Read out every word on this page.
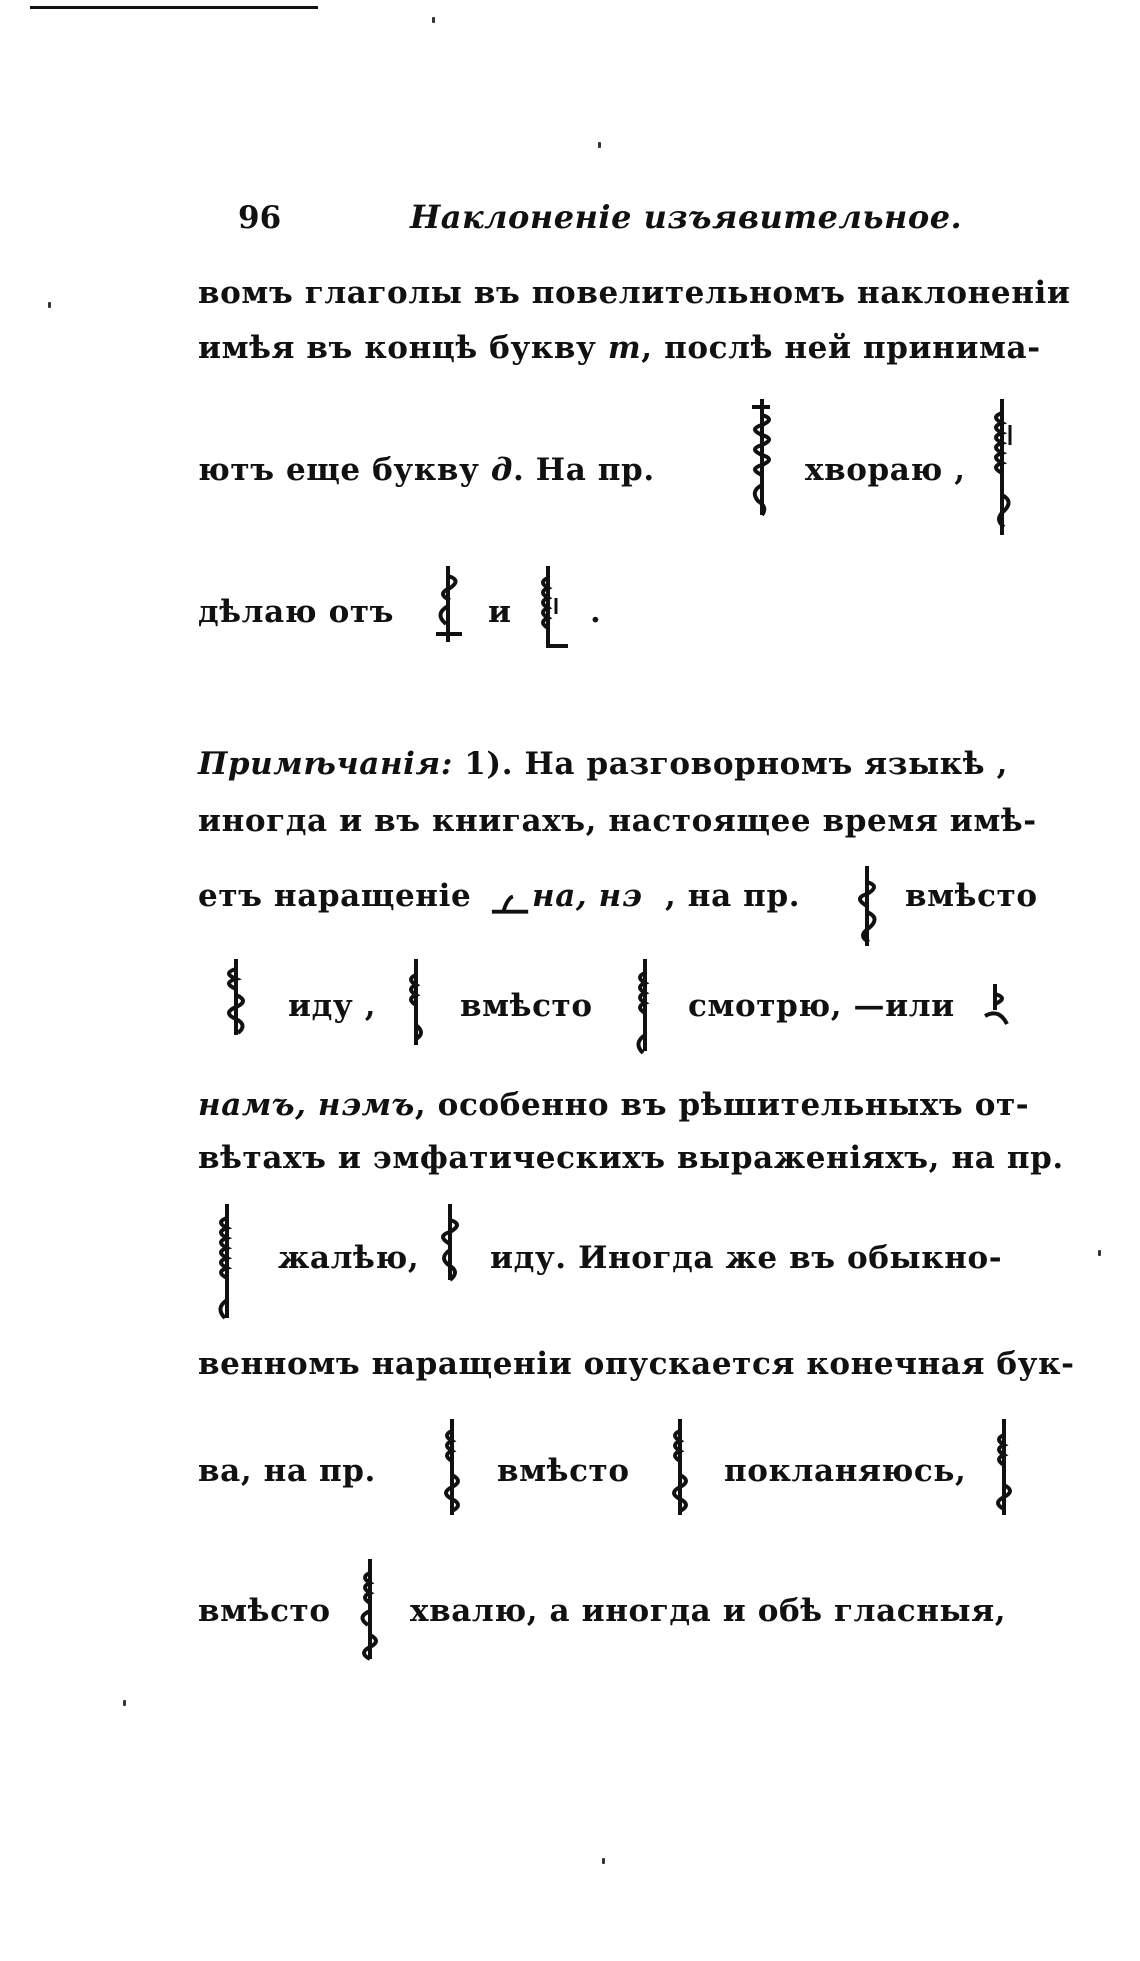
96	Наклоненіе изъявительное.
вомъ глаголы въ повелительномъ наклоненіи
имѣя въ концѣ букву т, послѣ ней принима-
ютъ еще букву д. На пр.	хвораю ,
дѣлаю отъ	и	.
Примѣчанія: 1). На разговорномъ языкѣ ,
иногда и въ книгахъ, настоящее время имѣ-
етъ нарaщеніе на, нэ , на пр.	вмѣсто
иду ,	вмѣсто	смотрю, —или
намъ, нэмъ, особенно въ рѣшительныхъ от-
вѣтахъ и эмфатическихъ выраженіяхъ, на пр.
жалѣю, иду. Иногда же въ обыкно-
венномъ наращеніи опускается конечная бук-
ва, на пр.	вмѣсто	покланяюсь,
вмѣсто	хвалю, а иногда и обѣ гласныя,
